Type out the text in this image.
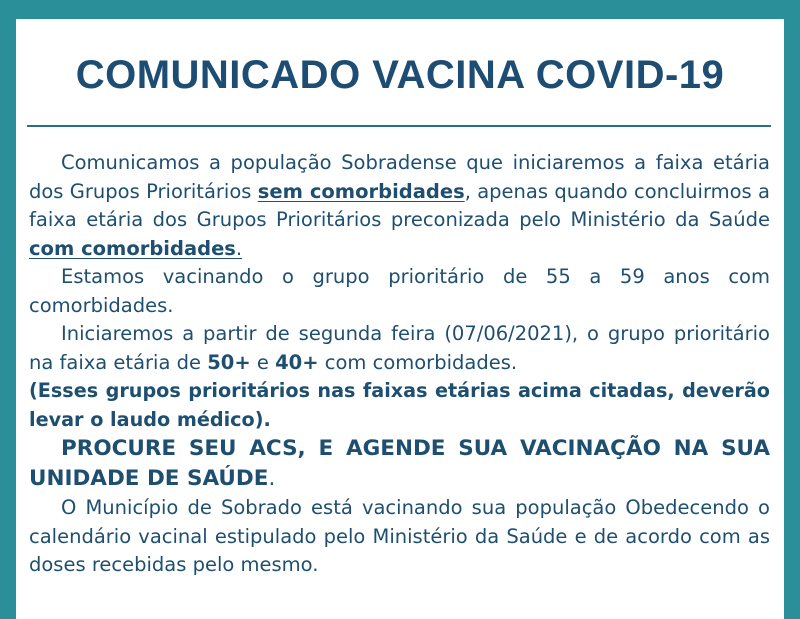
COMUNICADO VACINA COVID-19

Comunicamos a população Sobradense que iniciaremos a faixa etária dos Grupos Prioritários sem comorbidades, apenas quando concluirmos a faixa etária dos Grupos Prioritários preconizada pelo Ministério da Saúde com comorbidades.

Estamos vacinando o grupo prioritário de 55 a 59 anos com comorbidades.

Iniciaremos a partir de segunda feira (07/06/2021), o grupo prioritário na faixa etária de 50+ e 40+ com comorbidades.

(Esses grupos prioritários nas faixas etárias acima citadas, deverão levar o laudo médico).

PROCURE SEU ACS, E AGENDE SUA VACINAÇÃO NA SUA UNIDADE DE SAÚDE.

O Município de Sobrado está vacinando sua população Obedecendo o calendário vacinal estipulado pelo Ministério da Saúde e de acordo com as doses recebidas pelo mesmo.
